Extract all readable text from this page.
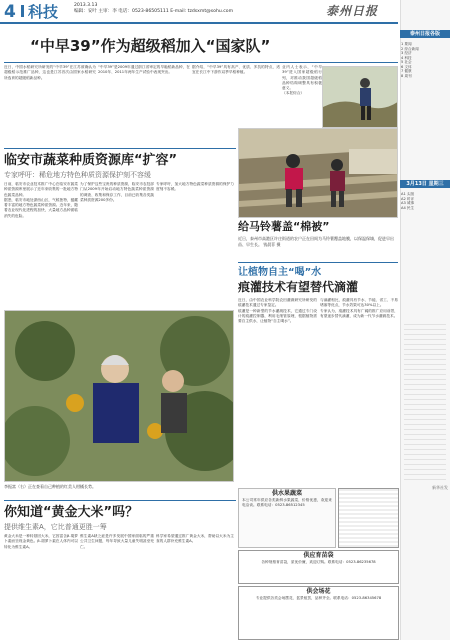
4 科技	2013.3.13
编辑：安叶 主审：李 电话：0523-86505111 E-mail: tzdsxmt@sohu.com	泰州日报
“中早39”作为超级稻加入“国家队”

近日，中国水稻研究所研发的“中早39”在江苏被确认为超级稻示范推广品种，这也是江苏首次由国家水稻研究所选育的超级稻新品种。

“中早39”是2009年通过浙江省审定的早籼稻新品种，在2010年、2011年两年生产试验中表现突出。

据介绍，“中早39”具有高产、优质、多抗的特点，适宜在长江中下游作双季早稻种植。

业内人士表示，“中早39”进入国家超级稻行列，对推动我国超级稻品种结构调整具有积极意义。

（本报综合）

给马铃薯盖“棉被”
近日，泰州市高港区许庄街道的农户正在田间为马铃薯覆盖地膜，以保温保墒，促进早出苗、早生长。 钱晨菲 摄
临安市蔬菜种质资源库“扩容”
专家呼吁：稀危地方特色种质资源保护刻不容缓

日前，临安市农业技术推广中心在临安市蔬菜种质资源库里展示了近年来收集的一批地方特色蔬菜品种。

据悉，临安市地处浙西山区，气候独特，蕴藏着丰富的地方特色蔬菜种质资源。近年来，随着农业现代化进程的加快，大量地方品种面临消失的危险。

为了保护这些宝贵的种质资源，临安市农技部门从2009年开始启动地方特色蔬菜种质资源的调查、收集和保存工作，目前已收集各类蔬菜种质资源200多份。

专家呼吁，加大地方特色蔬菜种质资源的保护力度刻不容缓。

李振富（右）正在查看自己种植的红美人柑橘长势。
让植物自主“喝”水
痕灌技术有望替代滴灌

近日，由中国农业科学院农田灌溉研究所研发的痕灌技术通过专家鉴定。

痕灌是一种新型的节水灌溉技术，它通过专门设计的痕灌控制器，利用毛细管原理，根据植物需要自主供水，让植物“自主喝水”。

与滴灌相比，痕灌具有节水、节能、省工、不易堵塞等优点，节水效果可达30%以上。

专家认为，痕灌技术具有广阔的推广应用前景，有望逐步替代滴灌，成为新一代节水灌溉技术。

你知道“黄金大米”吗？
提供维生素A，它比普通更胜一筹

黄金大米是一种转基因大米，它因富含β-胡萝卜素而呈现金黄色。β-胡萝卜素在人体内可以转化为维生素A。

维生素A缺乏症是许多发展中国家面临的严重公共卫生问题，每年导致大量儿童失明甚至死亡。

科学家希望通过推广黄金大米，帮助以大米为主食的人群补充维生素A。

供水果蔬菜
本公司常年供应各类新鲜水果蔬菜，价格优惠，欢迎来电洽谈。联系电话：0523-86512345
供应育苗袋
各种规格育苗袋，质优价廉，欢迎订购。联系电话：0523-86235678
供会场花
专业提供各类会场摆花、盆景租赁，品种齐全。联系电话：0523-86345678
泰州日报各版
1 要闻
2 综合新闻
3 经济
4 科技
5 社会
6 文体
7 健康
8 周刊
3月13日 星期三
A1 头版
A2 时评
A3 城事
A4 民生
新华社发
